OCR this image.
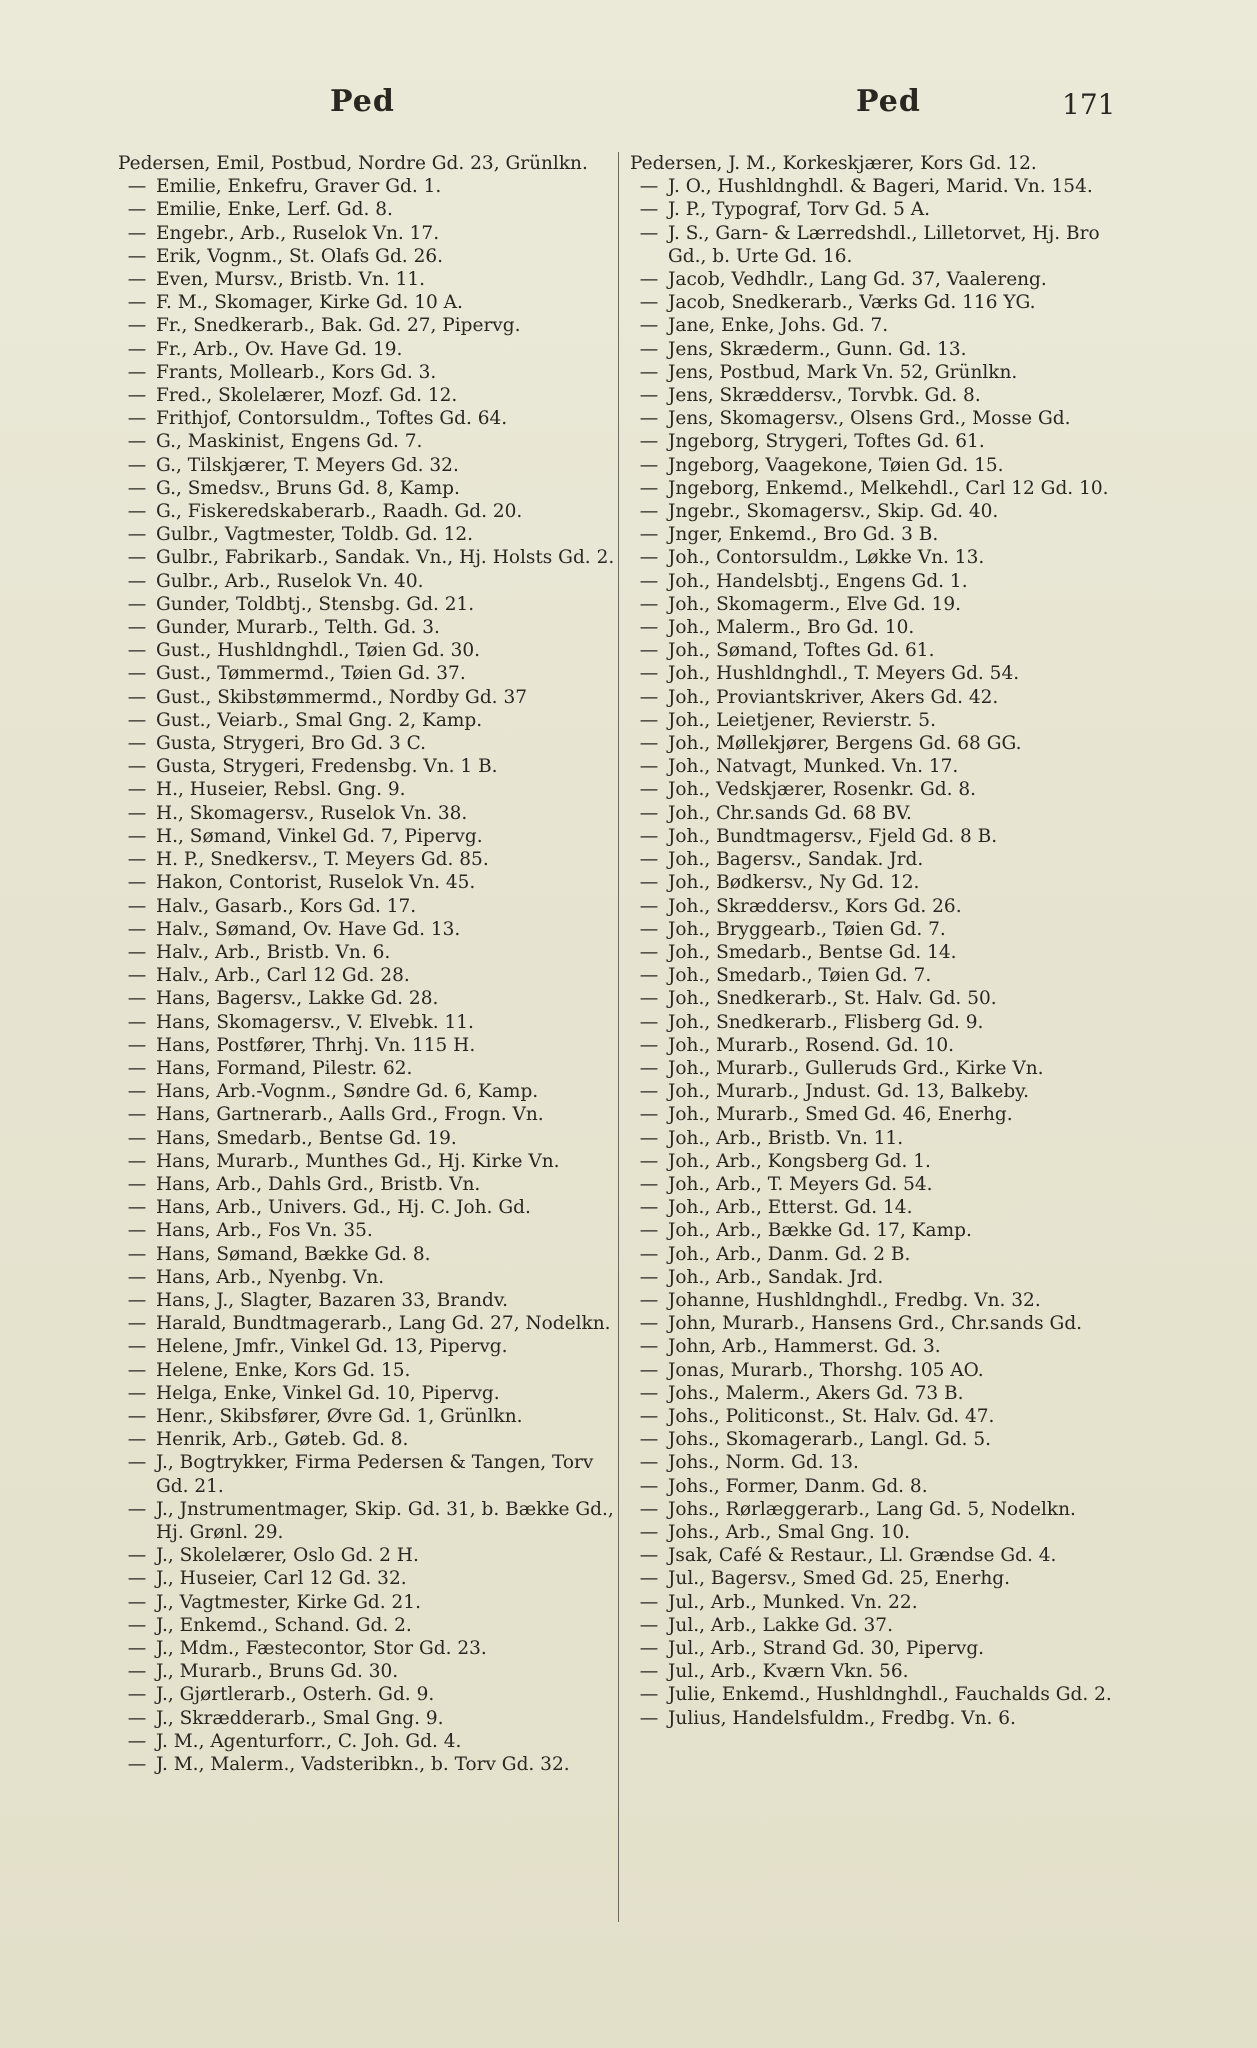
Ped	Ped	171
Pedersen, Emil, Postbud, Nordre Gd. 23, Grünlkn.
— Emilie, Enkefru, Graver Gd. 1.
— Emilie, Enke, Lerf. Gd. 8.
— Engebr., Arb., Ruselok Vn. 17.
— Erik, Vognm., St. Olafs Gd. 26.
— Even, Mursv., Bristb. Vn. 11.
— F. M., Skomager, Kirke Gd. 10 A.
— Fr., Snedkerarb., Bak. Gd. 27, Pipervg.
— Fr., Arb., Ov. Have Gd. 19.
— Frants, Mollearb., Kors Gd. 3.
— Fred., Skolelærer, Mozf. Gd. 12.
— Frithjof, Contorsuldm., Toftes Gd. 64.
— G., Maskinist, Engens Gd. 7.
— G., Tilskjærer, T. Meyers Gd. 32.
— G., Smedsv., Bruns Gd. 8, Kamp.
— G., Fiskeredskaberarb., Raadh. Gd. 20.
— Gulbr., Vagtmester, Toldb. Gd. 12.
— Gulbr., Fabrikarb., Sandak. Vn., Hj. Holsts Gd. 2.
— Gulbr., Arb., Ruselok Vn. 40.
— Gunder, Toldbtj., Stensbg. Gd. 21.
— Gunder, Murarb., Telth. Gd. 3.
— Gust., Hushldnghdl., Tøien Gd. 30.
— Gust., Tømmermd., Tøien Gd. 37.
— Gust., Skibstømmermd., Nordby Gd. 37
— Gust., Veiarb., Smal Gng. 2, Kamp.
— Gusta, Strygeri, Bro Gd. 3 C.
— Gusta, Strygeri, Fredensbg. Vn. 1 B.
— H., Huseier, Rebsl. Gng. 9.
— H., Skomagersv., Ruselok Vn. 38.
— H., Sømand, Vinkel Gd. 7, Pipervg.
— H. P., Snedkersv., T. Meyers Gd. 85.
— Hakon, Contorist, Ruselok Vn. 45.
— Halv., Gasarb., Kors Gd. 17.
— Halv., Sømand, Ov. Have Gd. 13.
— Halv., Arb., Bristb. Vn. 6.
— Halv., Arb., Carl 12 Gd. 28.
— Hans, Bagersv., Lakke Gd. 28.
— Hans, Skomagersv., V. Elvebk. 11.
— Hans, Postfører, Thrhj. Vn. 115 H.
— Hans, Formand, Pilestr. 62.
— Hans, Arb.-Vognm., Søndre Gd. 6, Kamp.
— Hans, Gartnerarb., Aalls Grd., Frogn. Vn.
— Hans, Smedarb., Bentse Gd. 19.
— Hans, Murarb., Munthes Gd., Hj. Kirke Vn.
— Hans, Arb., Dahls Grd., Bristb. Vn.
— Hans, Arb., Univers. Gd., Hj. C. Joh. Gd.
— Hans, Arb., Fos Vn. 35.
— Hans, Sømand, Bække Gd. 8.
— Hans, Arb., Nyenbg. Vn.
— Hans, J., Slagter, Bazaren 33, Brandv.
— Harald, Bundtmagerarb., Lang Gd. 27, Nodelkn.
— Helene, Jmfr., Vinkel Gd. 13, Pipervg.
— Helene, Enke, Kors Gd. 15.
— Helga, Enke, Vinkel Gd. 10, Pipervg.
— Henr., Skibsfører, Øvre Gd. 1, Grünlkn.
— Henrik, Arb., Gøteb. Gd. 8.
— J., Bogtrykker, Firma Pedersen & Tangen, Torv Gd. 21.
— J., Jnstrumentmager, Skip. Gd. 31, b. Bække Gd., Hj. Grønl. 29.
— J., Skolelærer, Oslo Gd. 2 H.
— J., Huseier, Carl 12 Gd. 32.
— J., Vagtmester, Kirke Gd. 21.
— J., Enkemd., Schand. Gd. 2.
— J., Mdm., Fæstecontor, Stor Gd. 23.
— J., Murarb., Bruns Gd. 30.
— J., Gjørtlerarb., Osterh. Gd. 9.
— J., Skrædderarb., Smal Gng. 9.
— J. M., Agenturforr., C. Joh. Gd. 4.
— J. M., Malerm., Vadsteribkn., b. Torv Gd. 32.
Pedersen, J. M., Korkeskjærer, Kors Gd. 12.
— J. O., Hushldnghdl. & Bageri, Marid. Vn. 154.
— J. P., Typograf, Torv Gd. 5 A.
— J. S., Garn- & Lærredshdl., Lilletorvet, Hj. Bro Gd., b. Urte Gd. 16.
— Jacob, Vedhdlr., Lang Gd. 37, Vaalereng.
— Jacob, Snedkerarb., Værks Gd. 116 YG.
— Jane, Enke, Johs. Gd. 7.
— Jens, Skræderm., Gunn. Gd. 13.
— Jens, Postbud, Mark Vn. 52, Grünlkn.
— Jens, Skræddersv., Torvbk. Gd. 8.
— Jens, Skomagersv., Olsens Grd., Mosse Gd.
— Jngeborg, Strygeri, Toftes Gd. 61.
— Jngeborg, Vaagekone, Tøien Gd. 15.
— Jngeborg, Enkemd., Melkehdl., Carl 12 Gd. 10.
— Jngebr., Skomagersv., Skip. Gd. 40.
— Jnger, Enkemd., Bro Gd. 3 B.
— Joh., Contorsuldm., Løkke Vn. 13.
— Joh., Handelsbtj., Engens Gd. 1.
— Joh., Skomagerm., Elve Gd. 19.
— Joh., Malerm., Bro Gd. 10.
— Joh., Sømand, Toftes Gd. 61.
— Joh., Hushldnghdl., T. Meyers Gd. 54.
— Joh., Proviantskriver, Akers Gd. 42.
— Joh., Leietjener, Revierstr. 5.
— Joh., Møllekjører, Bergens Gd. 68 GG.
— Joh., Natvagt, Munked. Vn. 17.
— Joh., Vedskjærer, Rosenkr. Gd. 8.
— Joh., Chr.sands Gd. 68 BV.
— Joh., Bundtmagersv., Fjeld Gd. 8 B.
— Joh., Bagersv., Sandak. Jrd.
— Joh., Bødkersv., Ny Gd. 12.
— Joh., Skræddersv., Kors Gd. 26.
— Joh., Bryggearb., Tøien Gd. 7.
— Joh., Smedarb., Bentse Gd. 14.
— Joh., Smedarb., Tøien Gd. 7.
— Joh., Snedkerarb., St. Halv. Gd. 50.
— Joh., Snedkerarb., Flisberg Gd. 9.
— Joh., Murarb., Rosend. Gd. 10.
— Joh., Murarb., Gulleruds Grd., Kirke Vn.
— Joh., Murarb., Jndust. Gd. 13, Balkeby.
— Joh., Murarb., Smed Gd. 46, Enerhg.
— Joh., Arb., Bristb. Vn. 11.
— Joh., Arb., Kongsberg Gd. 1.
— Joh., Arb., T. Meyers Gd. 54.
— Joh., Arb., Etterst. Gd. 14.
— Joh., Arb., Bække Gd. 17, Kamp.
— Joh., Arb., Danm. Gd. 2 B.
— Joh., Arb., Sandak. Jrd.
— Johanne, Hushldnghdl., Fredbg. Vn. 32.
— John, Murarb., Hansens Grd., Chr.sands Gd.
— John, Arb., Hammerst. Gd. 3.
— Jonas, Murarb., Thorshg. 105 AO.
— Johs., Malerm., Akers Gd. 73 B.
— Johs., Politiconst., St. Halv. Gd. 47.
— Johs., Skomagerarb., Langl. Gd. 5.
— Johs., Norm. Gd. 13.
— Johs., Former, Danm. Gd. 8.
— Johs., Rørlæggerarb., Lang Gd. 5, Nodelkn.
— Johs., Arb., Smal Gng. 10.
— Jsak, Café & Restaur., Ll. Grændse Gd. 4.
— Jul., Bagersv., Smed Gd. 25, Enerhg.
— Jul., Arb., Munked. Vn. 22.
— Jul., Arb., Lakke Gd. 37.
— Jul., Arb., Strand Gd. 30, Pipervg.
— Jul., Arb., Kværn Vkn. 56.
— Julie, Enkemd., Hushldnghdl., Fauchalds Gd. 2.
— Julius, Handelsfuldm., Fredbg. Vn. 6.
